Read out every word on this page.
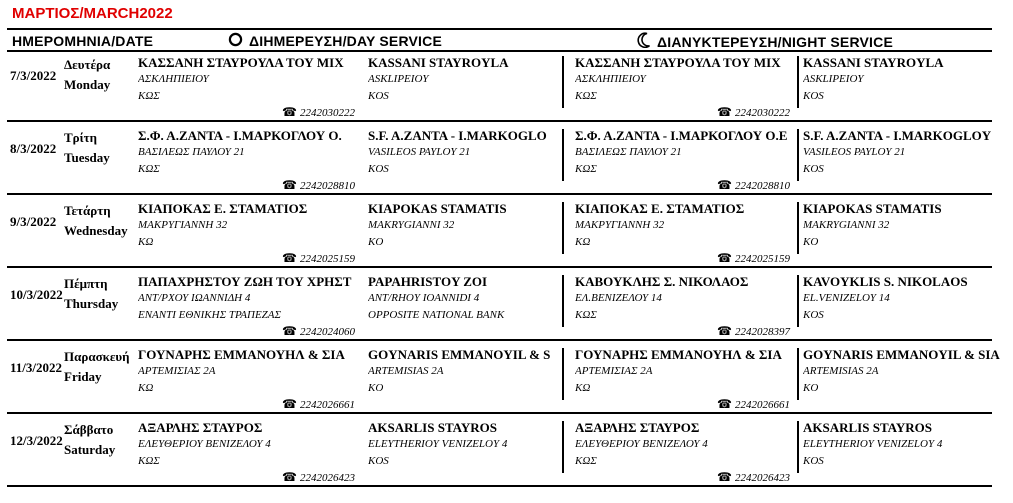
ΜΑΡΤΙΟΣ/MARCH2022
ΗΜΕΡΟΜΗΝΙΑ/DATE	ΔΙΗΜΕΡΕΥΣΗ/DAY SERVICE	ΔΙΑΝΥΚΤΕΡΕΥΣΗ/NIGHT SERVICE
7/3/2022
Δευτέρα
Monday
ΚΑΣΣΑΝΗ ΣΤΑΥΡΟΥΛΑ ΤΟΥ ΜΙΧ
ΑΣΚΛΗΠΙΕΙΟΥ
ΚΩΣ
KASSANI STAYROYLA
ASKLIPEIOY
KOS
☎ 2242030222
ΚΑΣΣΑΝΗ ΣΤΑΥΡΟΥΛΑ ΤΟΥ ΜΙΧ
ΑΣΚΛΗΠΙΕΙΟΥ
ΚΩΣ
KASSANI STAYROYLA
ASKLIPEIOY
KOS
☎ 2242030222
8/3/2022
Τρίτη
Tuesday
Σ.Φ. Α.ΖΑΝΤΑ - Ι.ΜΑΡΚΟΓΛΟΥ Ο.
ΒΑΣΙΛΕΩΣ ΠΑΥΛΟΥ 21
ΚΩΣ
S.F. A.ZANTA - I.MARKOGLO
VASILEOS PAYLOY 21
KOS
☎ 2242028810
Σ.Φ. Α.ΖΑΝΤΑ - Ι.ΜΑΡΚΟΓΛΟΥ Ο.Ε
ΒΑΣΙΛΕΩΣ ΠΑΥΛΟΥ 21
ΚΩΣ
S.F. A.ZANTA - I.MARKOGLOY
VASILEOS PAYLOY 21
KOS
☎ 2242028810
9/3/2022
Τετάρτη
Wednesday
ΚΙΑΠΟΚΑΣ Ε. ΣΤΑΜΑΤΙΟΣ
ΜΑΚΡΥΓΙΑΝΝΗ 32
ΚΩ
KIAPOKAS STAMATIS
MAKRYGIANNI 32
KO
☎ 2242025159
ΚΙΑΠΟΚΑΣ Ε. ΣΤΑΜΑΤΙΟΣ
ΜΑΚΡΥΓΙΑΝΝΗ 32
ΚΩ
KIAPOKAS STAMATIS
MAKRYGIANNI 32
KO
☎ 2242025159
10/3/2022
Πέμπτη
Thursday
ΠΑΠΑΧΡΗΣΤΟΥ ΖΩΗ ΤΟΥ ΧΡΗΣΤ
ΑΝΤ/ΡΧΟΥ ΙΩΑΝΝΙΔΗ 4
ΕΝΑΝΤΙ ΕΘΝΙΚΗΣ ΤΡΑΠΕΖΑΣ
PAPAHRISTOY ZOI
ANT/RHOY IOANNIDI 4
OPPOSITE NATIONAL BANK
☎ 2242024060
ΚΑΒΟΥΚΛΗΣ Σ. ΝΙΚΟΛΑΟΣ
ΕΛ.ΒΕΝΙΖΕΛΟΥ 14
ΚΩΣ
KAVOYKLIS S. NIKOLAOS
EL.VENIZELOY 14
KOS
☎ 2242028397
11/3/2022
Παρασκευή
Friday
ΓΟΥΝΑΡΗΣ ΕΜΜΑΝΟΥΗΛ & ΣΙΑ
ΑΡΤΕΜΙΣΙΑΣ 2Α
ΚΩ
GOYNARIS EMMANOYIL & S
ARTEMISIAS 2A
KO
☎ 2242026661
ΓΟΥΝΑΡΗΣ ΕΜΜΑΝΟΥΗΛ & ΣΙΑ
ΑΡΤΕΜΙΣΙΑΣ 2Α
ΚΩ
GOYNARIS EMMANOYIL & SIA
ARTEMISIAS 2A
KO
☎ 2242026661
12/3/2022
Σάββατο
Saturday
ΑΞΑΡΛΗΣ ΣΤΑΥΡΟΣ
ΕΛΕΥΘΕΡΙΟΥ ΒΕΝΙΖΕΛΟΥ 4
ΚΩΣ
AKSARLIS STAYROS
ELEYTHERIOY VENIZELOY 4
KOS
☎ 2242026423
ΑΞΑΡΛΗΣ ΣΤΑΥΡΟΣ
ΕΛΕΥΘΕΡΙΟΥ ΒΕΝΙΖΕΛΟΥ 4
ΚΩΣ
AKSARLIS STAYROS
ELEYTHERIOY VENIZELOY 4
KOS
☎ 2242026423
